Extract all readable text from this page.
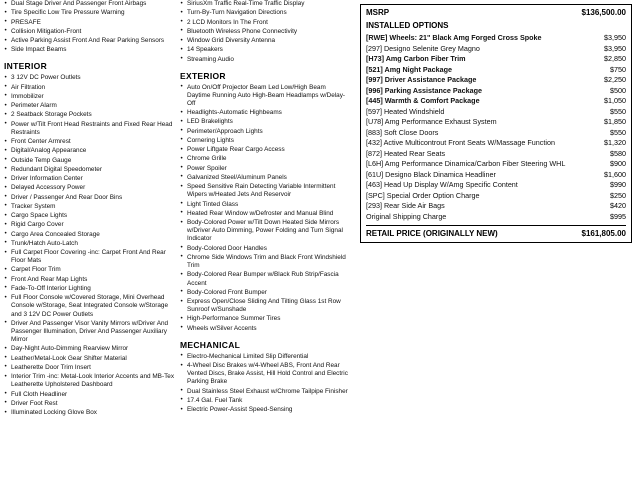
• Dual Stage Driver And Passenger Front Airbags
• Tire Specific Low Tire Pressure Warning
• PRESAFE
• Collision Mitigation-Front
• Active Parking Assist Front And Rear Parking Sensors
• Side Impact Beams
INTERIOR
• 3 12V DC Power Outlets
• Air Filtration
• Immobilizer
• Perimeter Alarm
• 2 Seatback Storage Pockets
• Power w/Tilt Front Head Restraints and Fixed Rear Head Restraints
• Front Center Armrest
• Digital/Analog Appearance
• Outside Temp Gauge
• Redundant Digital Speedometer
• Driver Information Center
• Delayed Accessory Power
• Driver / Passenger And Rear Door Bins
• Tracker System
• Cargo Space Lights
• Rigid Cargo Cover
• Cargo Area Concealed Storage
• Trunk/Hatch Auto-Latch
• Full Carpet Floor Covering -inc: Carpet Front And Rear Floor Mats
• Carpet Floor Trim
• Front And Rear Map Lights
• Fade-To-Off Interior Lighting
• Full Floor Console w/Covered Storage, Mini Overhead Console w/Storage, Seat Integrated Console w/Storage and 3 12V DC Power Outlets
• Driver And Passenger Visor Vanity Mirrors w/Driver And Passenger Illumination, Driver And Passenger Auxiliary Mirror
• Day-Night Auto-Dimming Rearview Mirror
• Leather/Metal-Look Gear Shifter Material
• Leatherette Door Trim Insert
• Interior Trim -inc: Metal-Look Interior Accents and MB-Tex Leatherette Upholstered Dashboard
• Full Cloth Headliner
• Driver Foot Rest
• Illuminated Locking Glove Box
• SiriusXm Traffic Real-Time Traffic Display
• Turn-By-Turn Navigation Directions
• 2 LCD Monitors In The Front
• Bluetooth Wireless Phone Connectivity
• Window Grid Diversity Antenna
• 14 Speakers
• Streaming Audio
EXTERIOR
• Auto On/Off Projector Beam Led Low/High Beam Daytime Running Auto High-Beam Headlamps w/Delay-Off
• Headlights-Automatic Highbeams
• LED Brakelights
• Perimeter/Approach Lights
• Cornering Lights
• Power Liftgate Rear Cargo Access
• Chrome Grille
• Power Spoiler
• Galvanized Steel/Aluminum Panels
• Speed Sensitive Rain Detecting Variable Intermittent Wipers w/Heated Jets And Reservoir
• Light Tinted Glass
• Heated Rear Window w/Defroster and Manual Blind
• Body-Colored Power w/Tilt Down Heated Side Mirrors w/Driver Auto Dimming, Power Folding and Turn Signal Indicator
• Body-Colored Door Handles
• Chrome Side Windows Trim and Black Front Windshield Trim
• Body-Colored Rear Bumper w/Black Rub Strip/Fascia Accent
• Body-Colored Front Bumper
• Express Open/Close Sliding And Tilting Glass 1st Row Sunroof w/Sunshade
• High-Performance Summer Tires
• Wheels w/Silver Accents
MECHANICAL
• Electro-Mechanical Limited Slip Differential
• 4-Wheel Disc Brakes w/4-Wheel ABS, Front And Rear Vented Discs, Brake Assist, Hill Hold Control and Electric Parking Brake
• Dual Stainless Steel Exhaust w/Chrome Tailpipe Finisher
• 17.4 Gal. Fuel Tank
• Electric Power-Assist Speed-Sensing
MSRP	$136,500.00
INSTALLED OPTIONS
[RWE] Wheels: 21" Black Amg Forged Cross Spoke	$3,950
[297] Designo Selenite Grey Magno	$3,950
[H73] Amg Carbon Fiber Trim	$2,850
[521] Amg Night Package	$750
[997] Driver Assistance Package	$2,250
[996] Parking Assistance Package	$500
[445] Warmth & Comfort Package	$1,050
[597] Heated Windshield	$550
[U78] Amg Performance Exhaust System	$1,850
[883] Soft Close Doors	$550
[432] Active Multicontrout Front Seats W/Massage Function	$1,320
[872] Heated Rear Seats	$580
[L6H] Amg Performance Dinamica/Carbon Fiber Steering WHL	$900
[61U] Designo Black Dinamica Headliner	$1,600
[463] Head Up Display W/Amg Specific Content	$990
[SPC] Special Order Option Charge	$250
[293] Rear Side Air Bags	$420
Original Shipping Charge	$995
RETAIL PRICE (ORIGINALLY NEW)	$161,805.00
